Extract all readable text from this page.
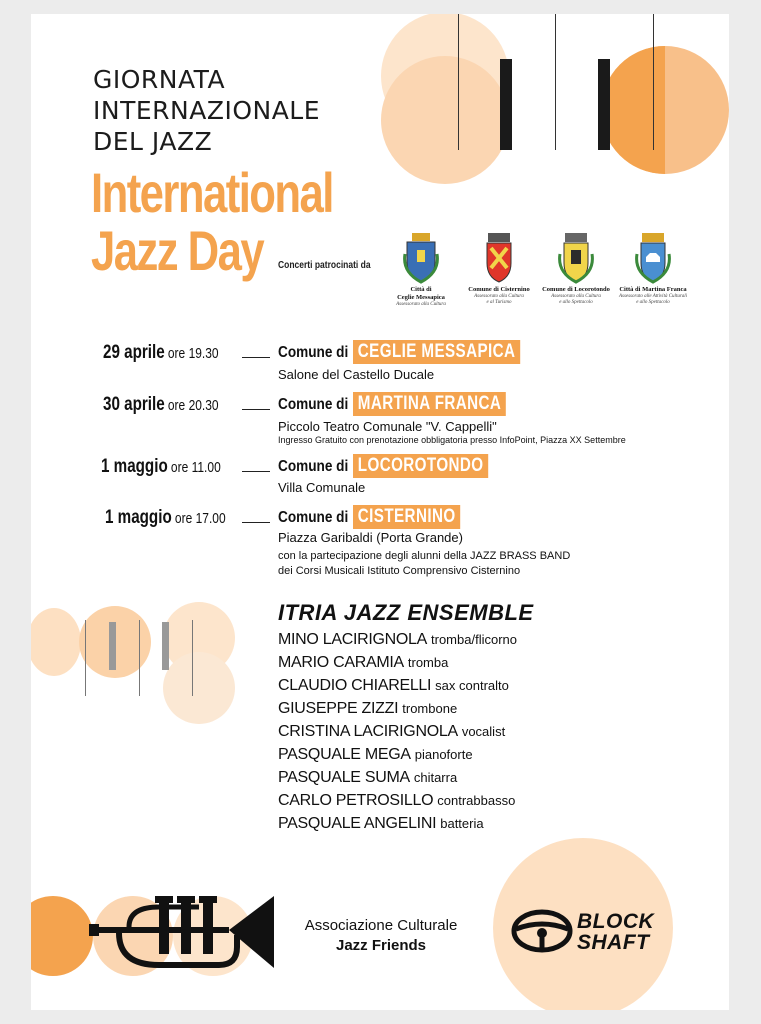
GIORNATA
INTERNAZIONALE
DEL JAZZ
International
Jazz Day	Concerti patrocinati da
Città di
Ceglie Messapica
Assessorato alla Cultura
Comune di Cisternino
Assessorato alla Cultura
e al Turismo
Comune di Locorotondo
Assessorato alla Cultura
e allo Spettacolo
Città di Martina Franca
Assessorato alle Attività Culturali
e allo Spettacolo
29 aprile ore 19.30	Comune di CEGLIE MESSAPICA
Salone del Castello Ducale
30 aprile ore 20.30	Comune di MARTINA FRANCA
Piccolo Teatro Comunale "V. Cappelli"
Ingresso Gratuito con prenotazione obbligatoria presso InfoPoint, Piazza XX Settembre
1 maggio ore 11.00	Comune di LOCOROTONDO
Villa Comunale
1 maggio ore 17.00	Comune di CISTERNINO
Piazza Garibaldi (Porta Grande)
con la partecipazione degli alunni della JAZZ BRASS BAND
dei Corsi Musicali Istituto Comprensivo Cisternino
ITRIA JAZZ ENSEMBLE
MINO LACIRIGNOLA tromba/flicorno
MARIO CARAMIA tromba
CLAUDIO CHIARELLI sax contralto
GIUSEPPE ZIZZI trombone
CRISTINA LACIRIGNOLA vocalist
PASQUALE MEGA pianoforte
PASQUALE SUMA chitarra
CARLO PETROSILLO contrabbasso
PASQUALE ANGELINI batteria
Associazione Culturale
Jazz Friends
BLOCK
SHAFT
